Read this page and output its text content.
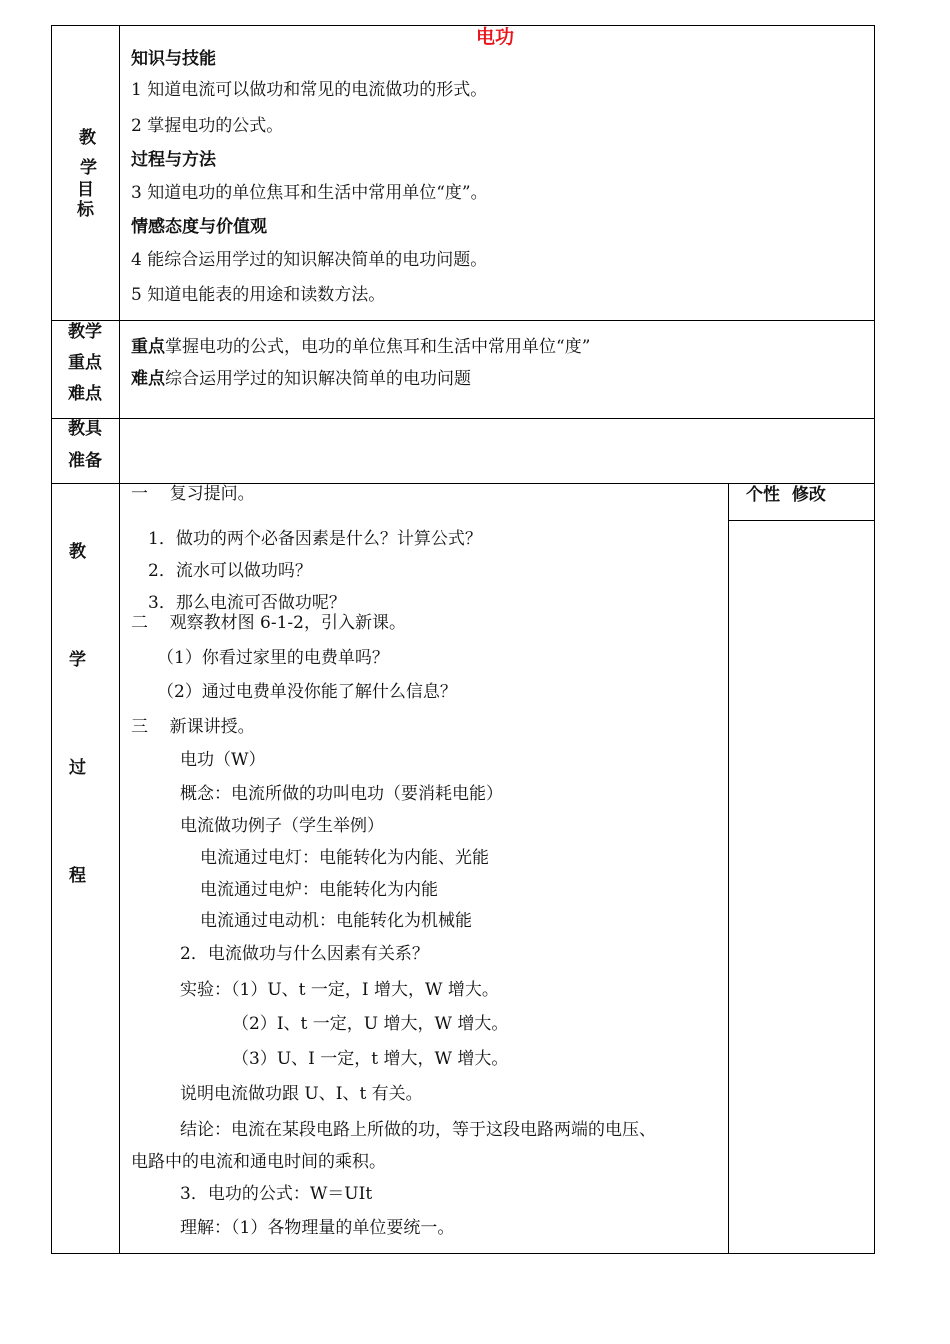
电功
教
学
目
标
知识与技能
1 知道电流可以做功和常见的电流做功的形式。
2 掌握电功的公式。
过程与方法
3 知道电功的单位焦耳和生活中常用单位“度”。
情感态度与价值观
4 能综合运用学过的知识解决简单的电功问题。
5 知道电能表的用途和读数方法。
教学
重点
难点
重点掌握电功的公式，电功的单位焦耳和生活中常用单位“度”
难点综合运用学过的知识解决简单的电功问题
教具
准备
教
学
过
程
个性  修改
一    复习提问。
1．做功的两个必备因素是什么？计算公式？
2．流水可以做功吗？
3．那么电流可否做功呢？
二    观察教材图 6-1-2，引入新课。
（1）你看过家里的电费单吗？
（2）通过电费单没你能了解什么信息？
三    新课讲授。
电功（W）
概念：电流所做的功叫电功（要消耗电能）
电流做功例子（学生举例）
电流通过电灯：电能转化为内能、光能
电流通过电炉：电能转化为内能
电流通过电动机：电能转化为机械能
2．电流做功与什么因素有关系？
实验：（1）U、t 一定，I 增大，W 增大。
（2）I、t 一定，U 增大，W 增大。
（3）U、I 一定，t 增大，W 增大。
说明电流做功跟 U、I、t 有关。
结论：电流在某段电路上所做的功，等于这段电路两端的电压、
电路中的电流和通电时间的乘积。
3．电功的公式：W＝UIt
理解：（1）各物理量的单位要统一。
